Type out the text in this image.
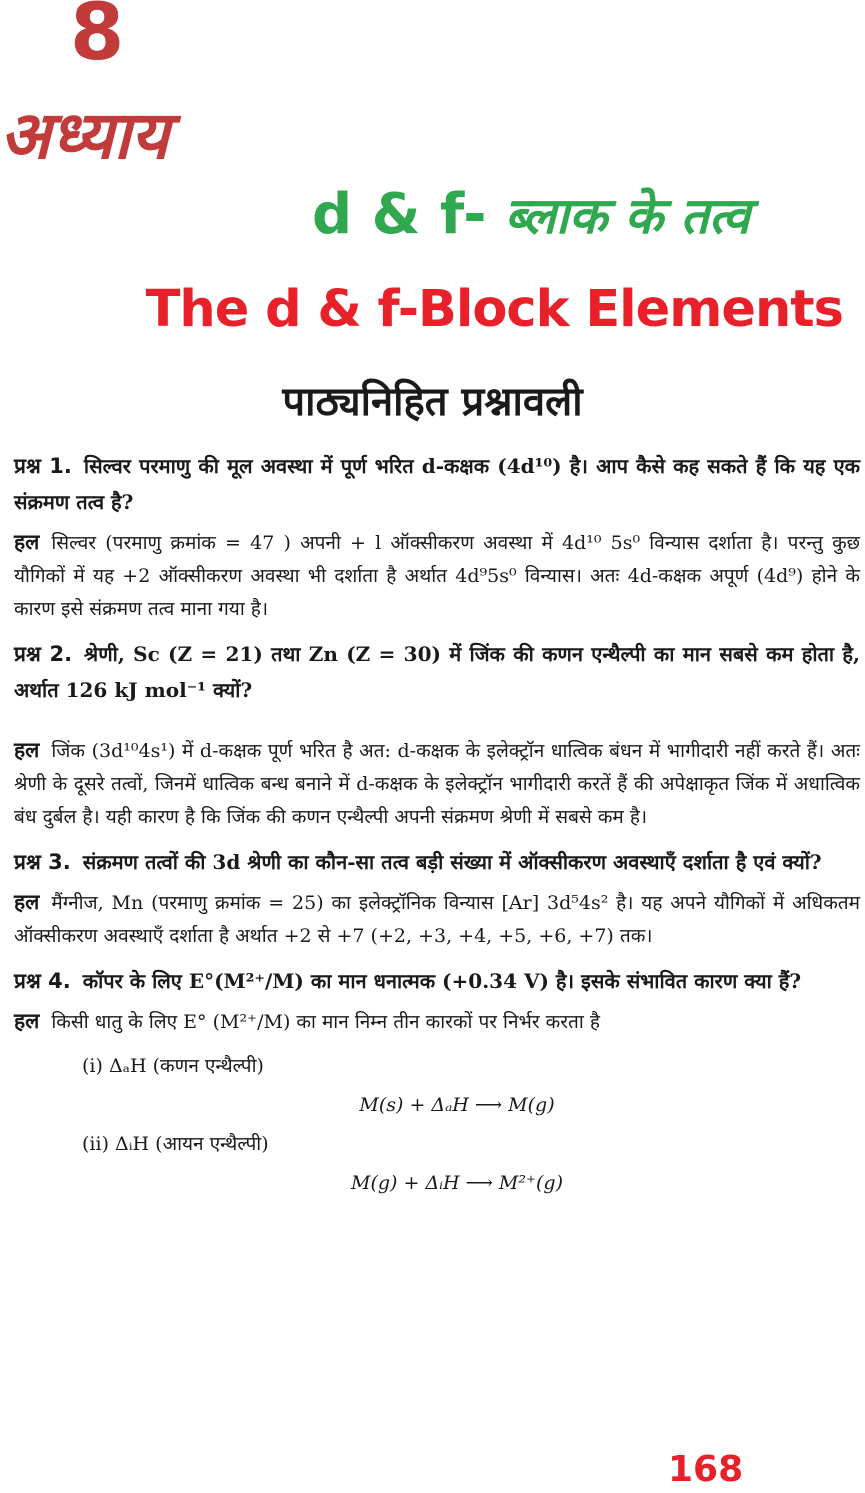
8
अध्याय
d & f- ब्लाक के तत्व
The d & f-Block Elements
पाठ्यनिहित प्रश्नावली
प्रश्न 1. सिल्वर परमाणु की मूल अवस्था में पूर्ण भरित d-कक्षक (4d¹⁰) है। आप कैसे कह सकते हैं कि यह एक संक्रमण तत्व है?
हल सिल्वर (परमाणु क्रमांक = 47 ) अपनी + l ऑक्सीकरण अवस्था में 4d¹⁰ 5s⁰ विन्यास दर्शाता है। परन्तु कुछ यौगिकों में यह +2 ऑक्सीकरण अवस्था भी दर्शाता है अर्थात 4d⁹5s⁰ विन्यास। अतः 4d-कक्षक अपूर्ण (4d⁹) होने के कारण इसे संक्रमण तत्व माना गया है।
प्रश्न 2. श्रेणी, Sc (Z = 21) तथा Zn (Z = 30) में जिंक की कणन एन्थैल्पी का मान सबसे कम होता है, अर्थात 126 kJ mol⁻¹ क्यों?
हल जिंक (3d¹⁰4s¹) में d-कक्षक पूर्ण भरित है अत: d-कक्षक के इलेक्ट्रॉन धात्विक बंधन में भागीदारी नहीं करते हैं। अतः श्रेणी के दूसरे तत्वों, जिनमें धात्विक बन्ध बनाने में d-कक्षक के इलेक्ट्रॉन भागीदारी करतें हैं की अपेक्षाकृत जिंक में अधात्विक बंध दुर्बल है। यही कारण है कि जिंक की कणन एन्थैल्पी अपनी संक्रमण श्रेणी में सबसे कम है।
प्रश्न 3. संक्रमण तत्वों की 3d श्रेणी का कौन-सा तत्व बड़ी संख्या में ऑक्सीकरण अवस्थाएँ दर्शाता है एवं क्यों?
हल मैंग्नीज, Mn (परमाणु क्रमांक = 25) का इलेक्ट्रॉनिक विन्यास [Ar] 3d⁵4s² है। यह अपने यौगिकों में अधिकतम ऑक्सीकरण अवस्थाएँ दर्शाता है अर्थात +2 से +7 (+2, +3, +4, +5, +6, +7) तक।
प्रश्न 4. कॉपर के लिए E°(M²⁺/M) का मान धनात्मक (+0.34 V) है। इसके संभावित कारण क्या हैं?
हल किसी धातु के लिए E° (M²⁺/M) का मान निम्न तीन कारकों पर निर्भर करता है
(i) ΔₐH (कणन एन्थैल्पी)
M(s) + ΔₐH ⟶ M(g)
(ii) ΔᵢH (आयन एन्थैल्पी)
M(g) + ΔᵢH ⟶ M²⁺(g)
168
